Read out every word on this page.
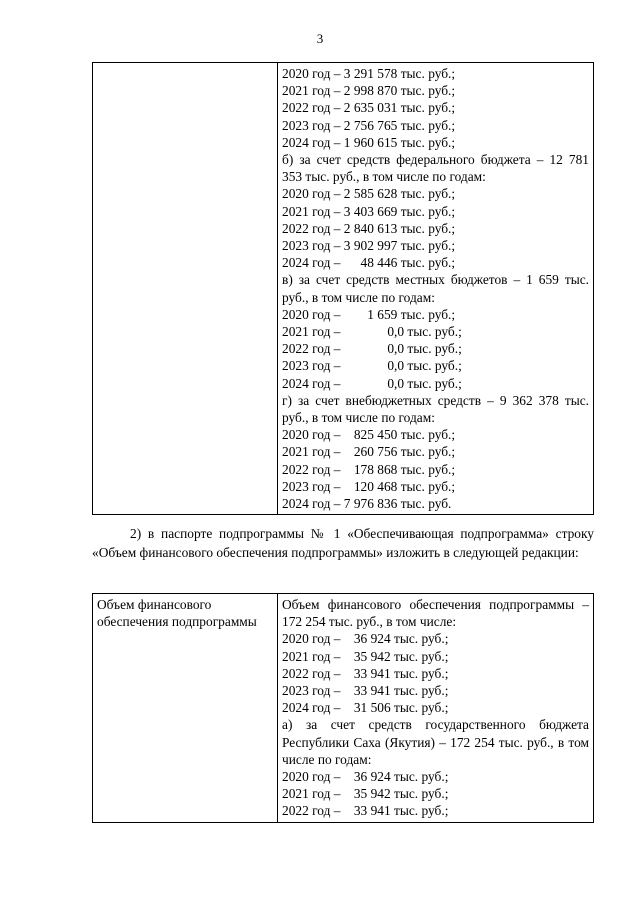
3

2020 год – 3 291 578 тыс. руб.;
2021 год – 2 998 870 тыс. руб.;
2022 год – 2 635 031 тыс. руб.;
2023 год – 2 756 765 тыс. руб.;
2024 год – 1 960 615 тыс. руб.;
б) за счет средств федерального бюджета – 12 781 353 тыс. руб., в том числе по годам:
2020 год – 2 585 628 тыс. руб.;
2021 год – 3 403 669 тыс. руб.;
2022 год – 2 840 613 тыс. руб.;
2023 год – 3 902 997 тыс. руб.;
2024 год –      48 446 тыс. руб.;
в) за счет средств местных бюджетов – 1 659 тыс. руб., в том числе по годам:
2020 год –        1 659 тыс. руб.;
2021 год –              0,0 тыс. руб.;
2022 год –              0,0 тыс. руб.;
2023 год –              0,0 тыс. руб.;
2024 год –              0,0 тыс. руб.;
г) за счет внебюджетных средств – 9 362 378 тыс. руб., в том числе по годам:
2020 год –    825 450 тыс. руб.;
2021 год –    260 756 тыс. руб.;
2022 год –    178 868 тыс. руб.;
2023 год –    120 468 тыс. руб.;
2024 год – 7 976 836 тыс. руб.
2) в паспорте подпрограммы № 1 «Обеспечивающая подпрограмма» строку «Объем финансового обеспечения подпрограммы» изложить в следующей редакции:
Объем финансового обеспечения подпрограммы	
Объем финансового обеспечения подпрограммы – 172 254 тыс. руб., в том числе:
2020 год –    36 924 тыс. руб.;
2021 год –    35 942 тыс. руб.;
2022 год –    33 941 тыс. руб.;
2023 год –    33 941 тыс. руб.;
2024 год –    31 506 тыс. руб.;
а) за счет средств государственного бюджета Республики Саха (Якутия) – 172 254 тыс. руб., в том числе по годам:
2020 год –    36 924 тыс. руб.;
2021 год –    35 942 тыс. руб.;
2022 год –    33 941 тыс. руб.;
